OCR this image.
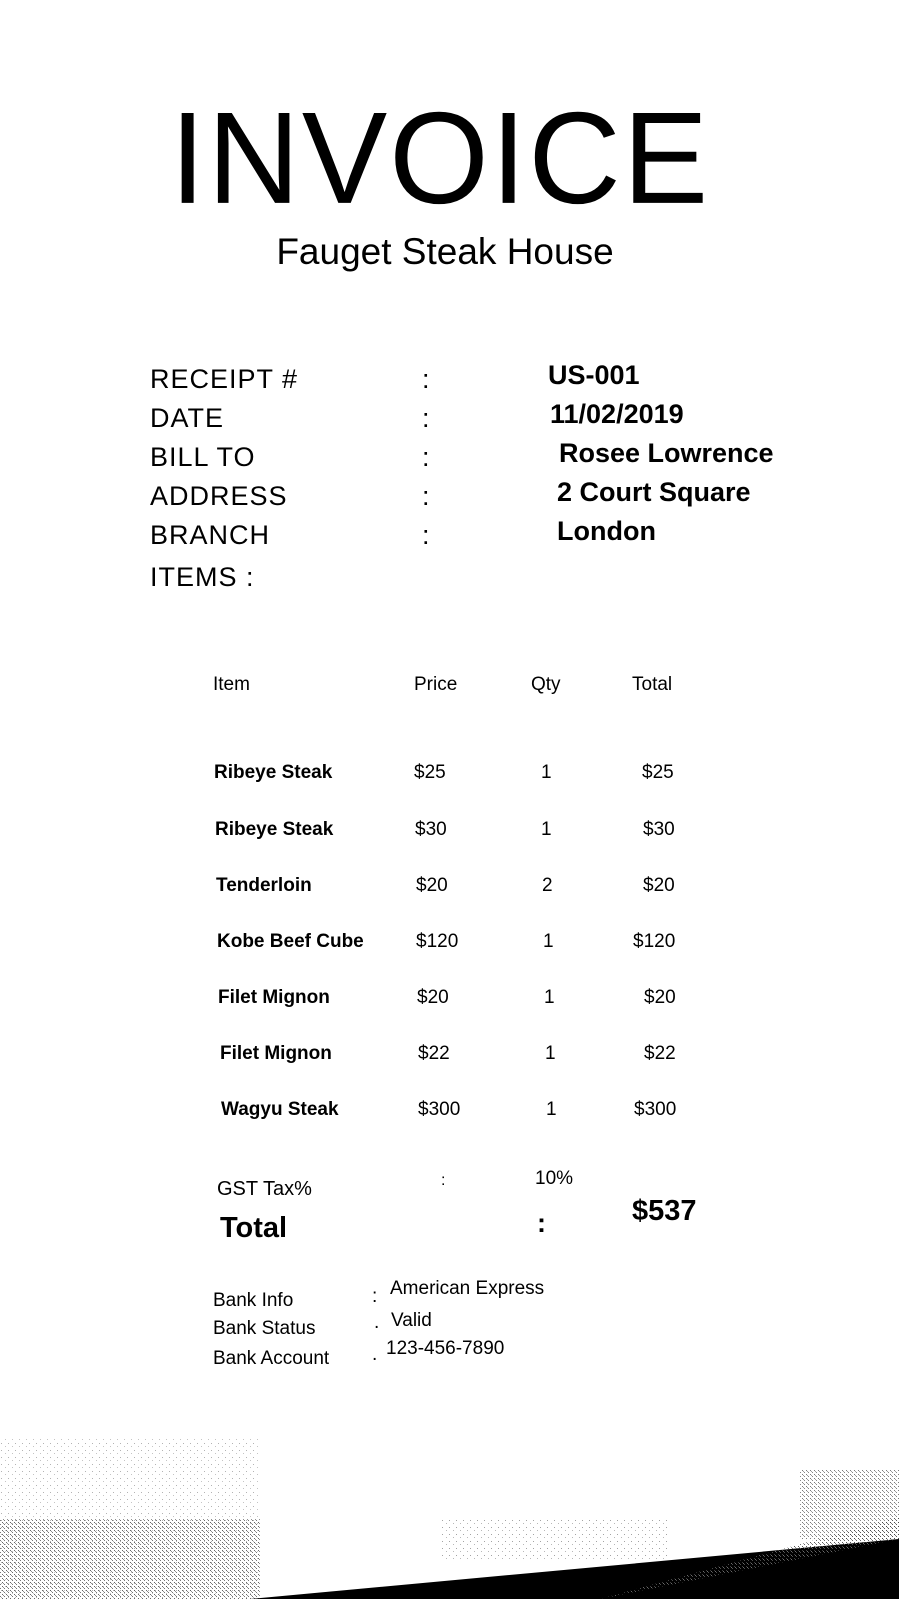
INVOICE
Fauget Steak House
RECEIPT #	:	US-001
DATE	:	11/02/2019
BILL TO	:	Rosee Lowrence
ADDRESS	:	2 Court Square
BRANCH	:	London
ITEMS :
Item	Price	Qty	Total
Ribeye Steak	$25	1	$25
Ribeye Steak	$30	1	$30
Tenderloin	$20	2	$20
Kobe Beef Cube	$120	1	$120
Filet Mignon	$20	1	$20
Filet Mignon	$22	1	$22
Wagyu Steak	$300	1	$300
GST Tax%	:	10%
Total	:	$537
Bank Info	: American Express
Bank Status	. Valid
Bank Account . 123-456-7890
